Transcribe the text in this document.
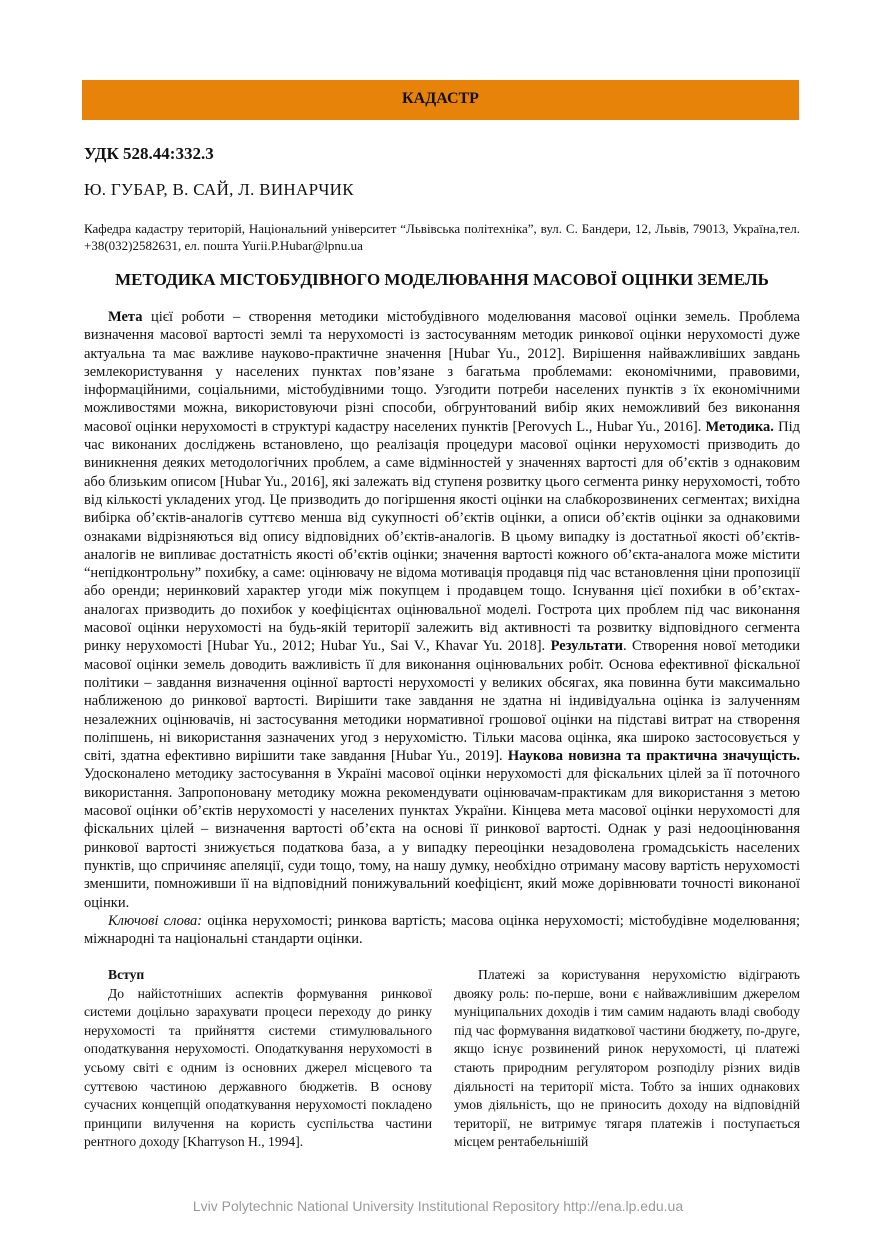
КАДАСТР
УДК 528.44:332.3
Ю. ГУБАР, В. САЙ, Л. ВИНАРЧИК
Кафедра кадастру територій, Національний університет “Львівська політехніка”, вул. С. Бандери, 12, Львів, 79013, Україна,тел. +38(032)2582631, ел. пошта Yurii.P.Hubar@lpnu.ua
МЕТОДИКА МІСТОБУДІВНОГО МОДЕЛЮВАННЯ МАСОВОЇ ОЦІНКИ ЗЕМЕЛЬ

Мета цієї роботи – створення методики містобудівного моделювання масової оцінки земель. Проблема визначення масової вартості землі та нерухомості із застосуванням методик ринкової оцінки нерухомості дуже актуальна та має важливе науково-практичне значення [Hubar Yu., 2012]. Вирішення найважливіших завдань землекористування у населених пунктах пов’язане з багатьма проблемами: економічними, правовими, інформаційними, соціальними, містобудівними тощо. Узгодити потреби населених пунктів з їх економічними можливостями можна, використовуючи різні способи, обгрунтований вибір яких неможливий без виконання масової оцінки нерухомості в структурі кадастру населених пунктів [Perovych L., Hubar Yu., 2016]. Методика. Під час виконаних досліджень встановлено, що реалізація процедури масової оцінки нерухомості призводить до виникнення деяких методологічних проблем, а саме відмінностей у значеннях вартості для об’єктів з однаковим або близьким описом [Hubar Yu., 2016], які залежать від ступеня розвитку цього сегмента ринку нерухомості, тобто від кількості укладених угод. Це призводить до погіршення якості оцінки на слабкорозвинених сегментах; вихідна вибірка об’єктів-аналогів суттєво менша від сукупності об’єктів оцінки, а описи об’єктів оцінки за однаковими ознаками відрізняються від опису відповідних об’єктів-аналогів. В цьому випадку із достатньої якості об’єктів-аналогів не випливає достатність якості об’єктів оцінки; значення вартості кожного об’єкта-аналога може містити “непідконтрольну” похибку, а саме: оцінювачу не відома мотивація продавця під час встановлення ціни пропозиції або оренди; неринковий характер угоди між покупцем і продавцем тощо. Існування цієї похибки в об’єктах-аналогах призводить до похибок у коефіцієнтах оцінювальної моделі. Гострота цих проблем під час виконання масової оцінки нерухомості на будь-якій території залежить від активності та розвитку відповідного сегмента ринку нерухомості [Hubar Yu., 2012; Hubar Yu., Sai V., Khavar Yu. 2018]. Результати. Створення нової методики масової оцінки земель доводить важливість її для виконання оцінювальних робіт. Основа ефективної фіскальної політики – завдання визначення оцінної вартості нерухомості у великих обсягах, яка повинна бути максимально наближеною до ринкової вартості. Вирішити таке завдання не здатна ні індивідуальна оцінка із залученням незалежних оцінювачів, ні застосування методики нормативної грошової оцінки на підставі витрат на створення поліпшень, ні використання зазначених угод з нерухомістю. Тільки масова оцінка, яка широко застосовується у світі, здатна ефективно вирішити таке завдання [Hubar Yu., 2019]. Наукова новизна та практична значущість. Удосконалено методику застосування в Україні масової оцінки нерухомості для фіскальних цілей за її поточного використання. Запропоновану методику можна рекомендувати оцінювачам-практикам для використання з метою масової оцінки об’єктів нерухомості у населених пунктах України. Кінцева мета масової оцінки нерухомості для фіскальних цілей – визначення вартості об’єкта на основі її ринкової вартості. Однак у разі недооцінювання ринкової вартості знижується податкова база, а у випадку переоцінки незадоволена громадськість населених пунктів, що спричиняє апеляції, суди тощо, тому, на нашу думку, необхідно отриману масову вартість нерухомості зменшити, помноживши її на відповідний понижувальний коефіцієнт, який може дорівнювати точності виконаної оцінки.

Ключові слова: оцінка нерухомості; ринкова вартість; масова оцінка нерухомості; містобудівне моделювання; міжнародні та національні стандарти оцінки.

Вступ

До найістотніших аспектів формування ринкової системи доцільно зарахувати процеси переходу до ринку нерухомості та прийняття системи стимулювального оподаткування нерухомості. Оподаткування нерухомості в усьому світі є одним із основних джерел місцевого та суттєвою частиною державного бюджетів. В основу сучасних концепцій оподаткування нерухомості покладено принципи вилучення на користь суспільства частини рентного доходу [Kharryson H., 1994].

Платежі за користування нерухомістю відіграють двояку роль: по-перше, вони є найважливішим джерелом муніципальних доходів і тим самим надають владі свободу під час формування видаткової частини бюджету, по-друге, якщо існує розвинений ринок нерухомості, ці платежі стають природним регулятором розподілу різних видів діяльності на території міста. Тобто за інших однакових умов діяльність, що не приносить доходу на відповідній території, не витримує тягаря платежів і поступається місцем рентабельнішій

Lviv Polytechnic National University Institutional Repository http://ena.lp.edu.ua
